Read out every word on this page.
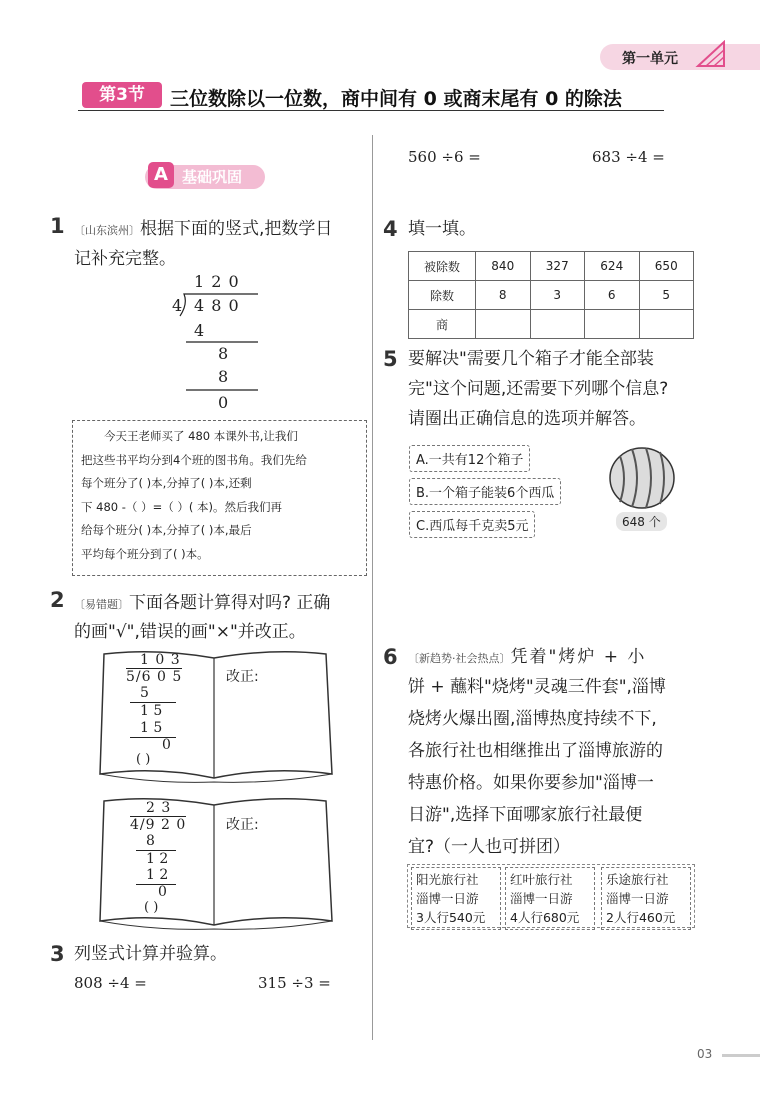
第一单元
第3节	三位数除以一位数，商中间有 0 或商末尾有 0 的除法
A 基础巩固
1 〔山东滨州〕根据下面的竖式,把数学日
记补充完整。
1 2 0
4 4 8 0
4
8
8
0
今天王老师买了 480 本课外书,让我们
把这些书平均分到4个班的图书角。我们先给
每个班分了( )本,分掉了( )本,还剩
下 480 -（ ）=（ ）( 本)。然后我们再
给每个班分( )本,分掉了( )本,最后
平均每个班分到了( )本。
2 〔易错题〕下面各题计算得对吗? 正确
的画"√",错误的画"×"并改正。
1 0 3
5/6 0 5
5
1 5
1 5
0
( )
改正:
2 3
4/9 2 0
8
1 2
1 2
0
( )
改正:
3 列竖式计算并验算。
808 ÷4 =	315 ÷3 =
560 ÷6 =	683 ÷4 =
4 填一填。
被除数	840	327	624	650
除数	8	3	6	5
商				
5 要解决"需要几个箱子才能全部装
完"这个问题,还需要下列哪个信息?
请圈出正确信息的选项并解答。
A.一共有12个箱子
B.一个箱子能装6个西瓜
C.西瓜每千克卖5元	648 个
6 〔新趋势·社会热点〕凭着"烤炉 + 小
饼 + 蘸料"烧烤"灵魂三件套",淄博
烧烤火爆出圈,淄博热度持续不下,
各旅行社也相继推出了淄博旅游的
特惠价格。如果你要参加"淄博一
日游",选择下面哪家旅行社最便
宜?（一人也可拼团）
阳光旅行社
淄博一日游
3人行540元
红叶旅行社
淄博一日游
4人行680元
乐途旅行社
淄博一日游
2人行460元
03
